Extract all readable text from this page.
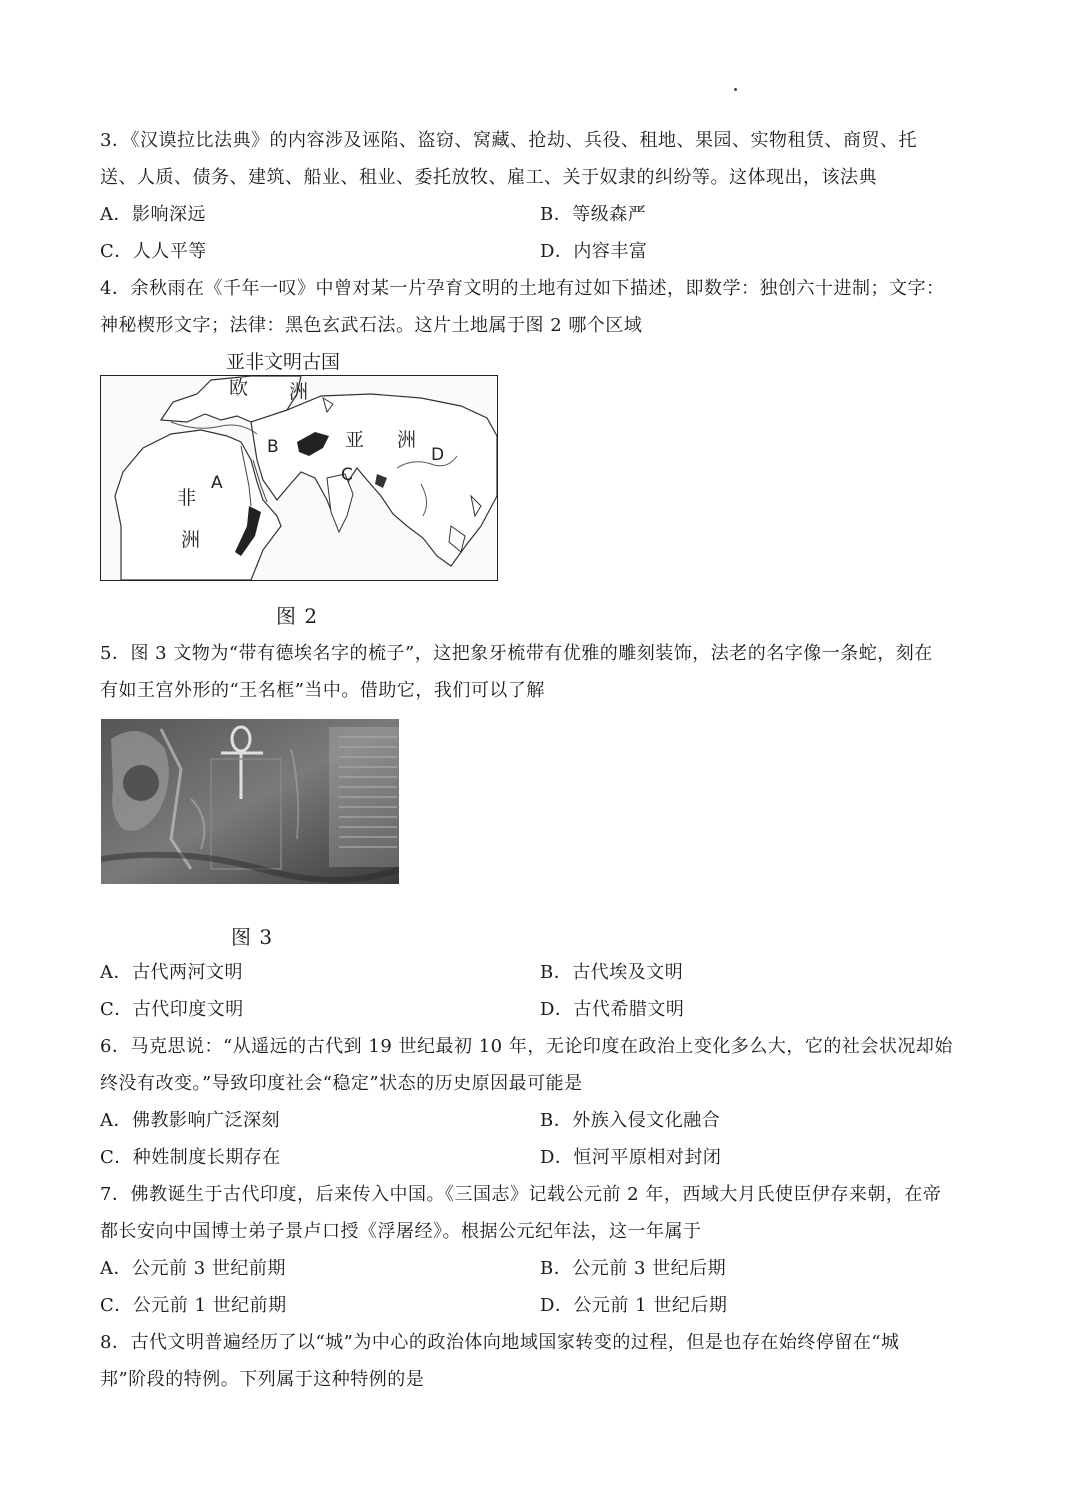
3．《汉谟拉比法典》的内容涉及诬陷、盗窃、窝藏、抢劫、兵役、租地、果园、实物租赁、商贸、托
送、人质、债务、建筑、船业、租业、委托放牧、雇工、关于奴隶的纠纷等。这体现出，该法典
A．影响深远	B．等级森严
C．人人平等	D．内容丰富
4．余秋雨在《千年一叹》中曾对某一片孕育文明的土地有过如下描述，即数学：独创六十进制；文字：
神秘楔形文字；法律：黑色玄武石法。这片土地属于图 2 哪个区域
亚非文明古国
欧 洲
亚 洲
非
洲
A
B
C
D
图 2
5．图 3 文物为“带有德埃名字的梳子”，这把象牙梳带有优雅的雕刻装饰，法老的名字像一条蛇，刻在
有如王宫外形的“王名框”当中。借助它，我们可以了解
图 3
A．古代两河文明	B．古代埃及文明
C．古代印度文明	D．古代希腊文明
6．马克思说：“从遥远的古代到 19 世纪最初 10 年，无论印度在政治上变化多么大，它的社会状况却始
终没有改变。”导致印度社会“稳定”状态的历史原因最可能是
A．佛教影响广泛深刻	B．外族入侵文化融合
C．种姓制度长期存在	D．恒河平原相对封闭
7．佛教诞生于古代印度，后来传入中国。《三国志》记载公元前 2 年，西域大月氏使臣伊存来朝，在帝
都长安向中国博士弟子景卢口授《浮屠经》。根据公元纪年法，这一年属于
A．公元前 3 世纪前期	B．公元前 3 世纪后期
C．公元前 1 世纪前期	D．公元前 1 世纪后期
8．古代文明普遍经历了以“城”为中心的政治体向地域国家转变的过程，但是也存在始终停留在“城
邦”阶段的特例。下列属于这种特例的是
